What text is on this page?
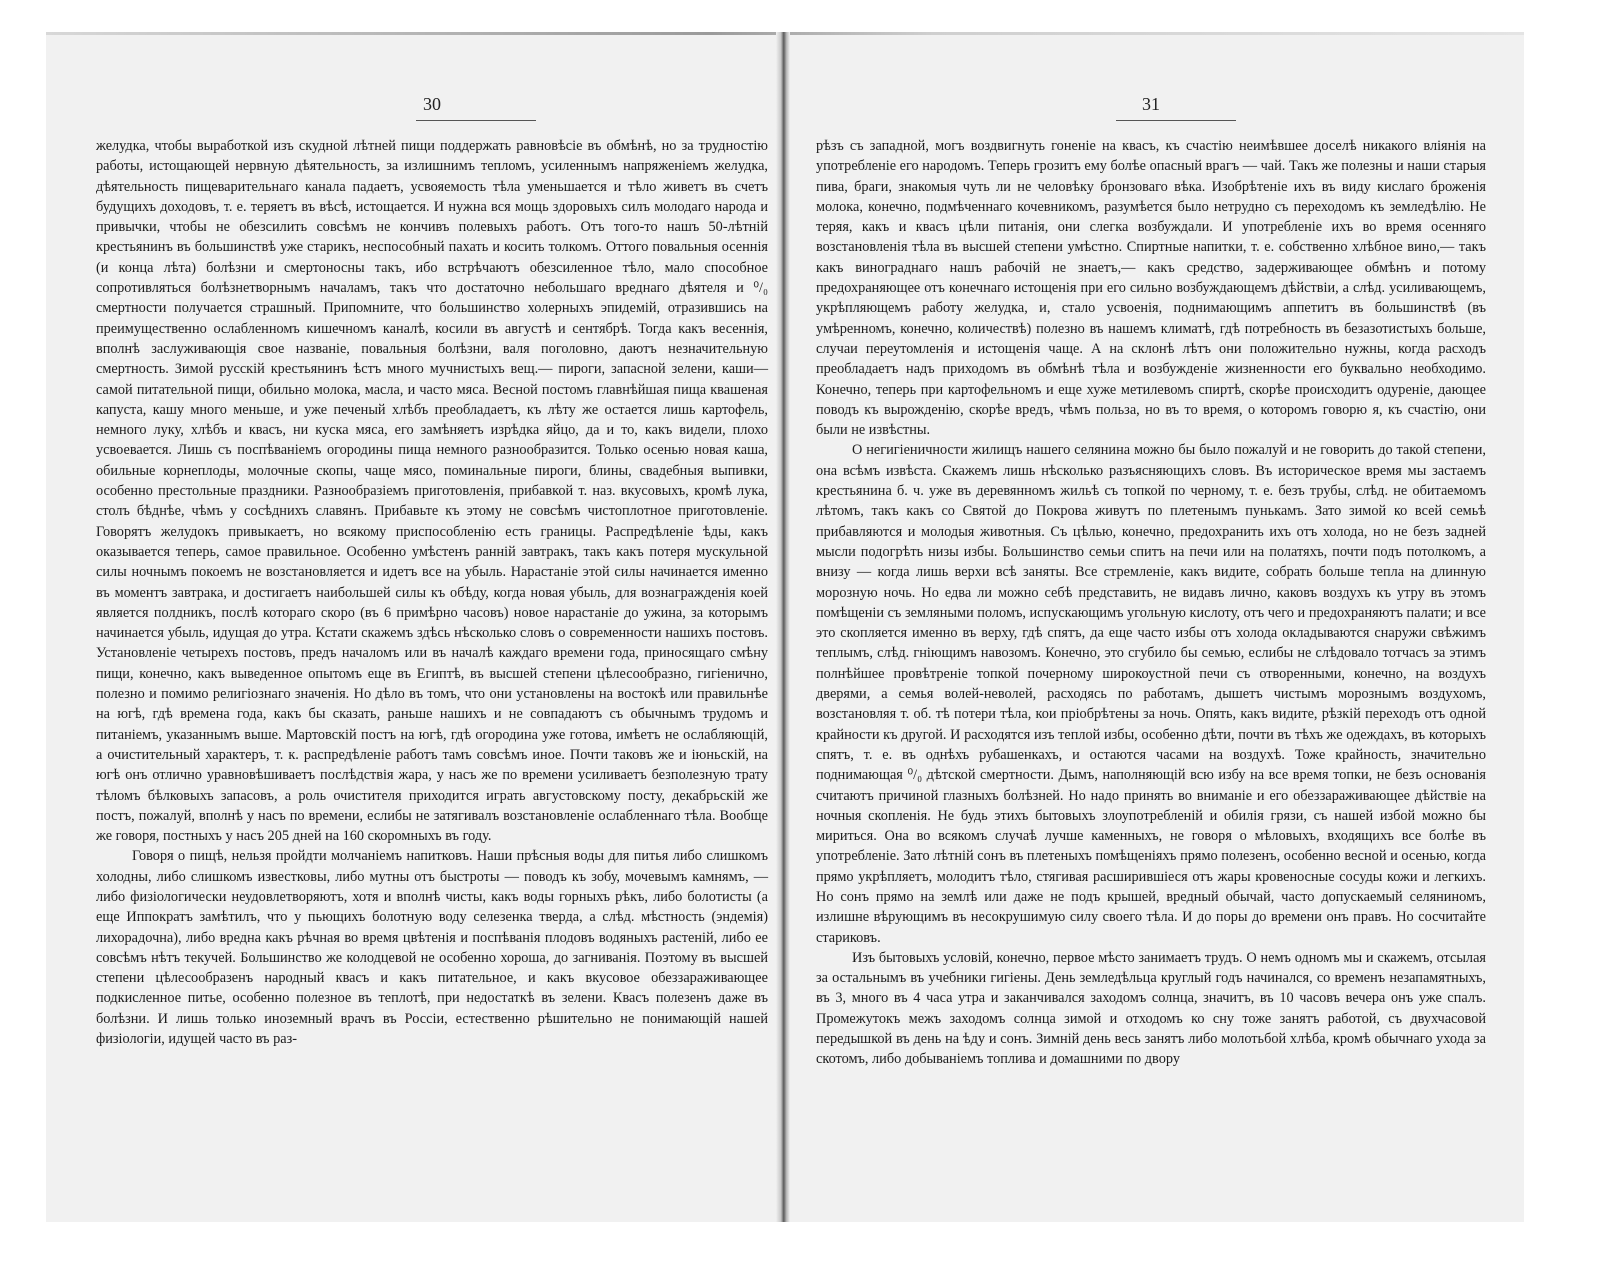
30

желудка, чтобы выработкой изъ скудной лѣтней пищи поддержать равновѣсіе въ обмѣнѣ, но за трудностію работы, истощающей нервную дѣятельность, за излишнимъ тепломъ, усиленнымъ напряженіемъ желудка, дѣятельность пищеварительнаго канала падаетъ, усвояемость тѣла уменьшается и тѣло живетъ въ счетъ будущихъ доходовъ, т. е. теряетъ въ вѣсѣ, истощается. И нужна вся мощь здоровыхъ силъ молодаго народа и привычки, чтобы не обезсилить совсѣмъ не кончивъ полевыхъ работъ. Отъ того-то нашъ 50-лѣтній крестьянинъ въ большинствѣ уже старикъ, неспособный пахать и косить толкомъ. Оттого повальныя осеннія (и конца лѣта) болѣзни и смертоносны такъ, ибо встрѣчаютъ обезсиленное тѣло, мало способное сопротивляться болѣзнетворнымъ началамъ, такъ что достаточно небольшаго вреднаго дѣятеля и ⁰/₀ смертности получается страшный. Припомните, что большинство холерныхъ эпидемій, отразившись на преимущественно ослабленномъ кишечномъ каналѣ, косили въ августѣ и сентябрѣ. Тогда какъ весеннія, вполнѣ заслуживающія свое названіе, повальныя болѣзни, валя поголовно, даютъ незначительную смертность. Зимой русскій крестьянинъ ѣстъ много мучнистыхъ вещ.— пироги, запасной зелени, каши—самой питательной пищи, обильно молока, масла, и часто мяса. Весной постомъ главнѣйшая пища квашеная капуста, кашу много меньше, и уже печеный хлѣбъ преобладаетъ, къ лѣту же остается лишь картофель, немного луку, хлѣбъ и квасъ, ни куска мяса, его замѣняетъ изрѣдка яйцо, да и то, какъ видели, плохо усвоевается. Лишь съ поспѣваніемъ огородины пища немного разнообразится. Только осенью новая каша, обильные корнеплоды, молочные скопы, чаще мясо, поминальные пироги, блины, свадебныя выпивки, особенно престольные праздники. Разнообразіемъ приготовленія, прибавкой т. наз. вкусовыхъ, кромѣ лука, столъ бѣднѣе, чѣмъ у сосѣднихъ славянъ. Прибавьте къ этому не совсѣмъ чистоплотное приготовленіе. Говорятъ желудокъ привыкаетъ, но всякому приспособленію есть границы. Распредѣленіе ѣды, какъ оказывается теперь, самое правильное. Особенно умѣстенъ ранній завтракъ, такъ какъ потеря мускульной силы ночнымъ покоемъ не возстановляется и идетъ все на убыль. Нарастаніе этой силы начинается именно въ моментъ завтрака, и достигаетъ наибольшей силы къ обѣду, когда новая убыль, для вознагражденія коей является полдникъ, послѣ котораго скоро (въ 6 примѣрно часовъ) новое нарастаніе до ужина, за которымъ начинается убыль, идущая до утра. Кстати скажемъ здѣсь нѣсколько словъ о современности нашихъ постовъ. Установленіе четырехъ постовъ, предъ началомъ или въ началѣ каждаго времени года, приносящаго смѣну пищи, конечно, какъ выведенное опытомъ еще въ Египтѣ, въ высшей степени цѣлесообразно, гигіенично, полезно и помимо религіознаго значенія. Но дѣло въ томъ, что они установлены на востокѣ или правильнѣе на югѣ, гдѣ времена года, какъ бы сказать, раньше нашихъ и не совпадаютъ съ обычнымъ трудомъ и питаніемъ, указаннымъ выше. Мартовскій постъ на югѣ, гдѣ огородина уже готова, имѣетъ не ослабляющій, а очистительный характеръ, т. к. распредѣленіе работъ тамъ совсѣмъ иное. Почти таковъ же и іюньскій, на югѣ онъ отлично уравновѣшиваетъ послѣдствія жара, у насъ же по времени усиливаетъ безполезную трату тѣломъ бѣлковыхъ запасовъ, а роль очистителя приходится играть августовскому посту, декабрьскій же постъ, пожалуй, вполнѣ у насъ по времени, еслибы не затягивалъ возстановленіе ослабленнаго тѣла. Вообще же говоря, постныхъ у насъ 205 дней на 160 скоромныхъ въ году.

Говоря о пищѣ, нельзя пройдти молчаніемъ напитковъ. Наши прѣсныя воды для питья либо слишкомъ холодны, либо слишкомъ известковы, либо мутны отъ быстроты — поводъ къ зобу, мочевымъ камнямъ, — либо физіологически неудовлетворяютъ, хотя и вполнѣ чисты, какъ воды горныхъ рѣкъ, либо болотисты (а еще Иппократъ замѣтилъ, что у пьющихъ болотную воду селезенка тверда, а слѣд. мѣстность (эндемія) лихорадочна), либо вредна какъ рѣчная во время цвѣтенія и поспѣванія плодовъ водяныхъ растеній, либо ее совсѣмъ нѣтъ текучей. Большинство же колодцевой не особенно хороша, до загниванія. Поэтому въ высшей степени цѣлесообразенъ народный квасъ и какъ питательное, и какъ вкусовое обеззараживающее подкисленное питье, особенно полезное въ теплотѣ, при недостаткѣ въ зелени. Квасъ полезенъ даже въ болѣзни. И лишь только иноземный врачъ въ Россіи, естественно рѣшительно не понимающій нашей физіологіи, идущей часто въ раз-

31

рѣзъ съ западной, могъ воздвигнуть гоненіе на квасъ, къ счастію неимѣвшее доселѣ никакого вліянія на употребленіе его народомъ. Теперь грозитъ ему болѣе опасный врагъ — чай. Такъ же полезны и наши старыя пива, браги, знакомыя чуть ли не человѣку бронзоваго вѣка. Изобрѣтеніе ихъ въ виду кислаго броженія молока, конечно, подмѣченнаго кочевникомъ, разумѣется было нетрудно съ переходомъ къ земледѣлію. Не теряя, какъ и квасъ цѣли питанія, они слегка возбуждали. И употребленіе ихъ во время осенняго возстановленія тѣла въ высшей степени умѣстно. Спиртные напитки, т. е. собственно хлѣбное вино,— такъ какъ винограднаго нашъ рабочій не знаетъ,— какъ средство, задерживающее обмѣнъ и потому предохраняющее отъ конечнаго истощенія при его сильно возбуждающемъ дѣйствіи, а слѣд. усиливающемъ, укрѣпляющемъ работу желудка, и, стало усвоенія, поднимающимъ аппетитъ въ большинствѣ (въ умѣренномъ, конечно, количествѣ) полезно въ нашемъ климатѣ, гдѣ потребность въ безазотистыхъ больше, случаи переутомленія и истощенія чаще. А на склонѣ лѣтъ они положительно нужны, когда расходъ преобладаетъ надъ приходомъ въ обмѣнѣ тѣла и возбужденіе жизненности его буквально необходимо. Конечно, теперь при картофельномъ и еще хуже метилевомъ спиртѣ, скорѣе происходитъ одуреніе, дающее поводъ къ вырожденію, скорѣе вредъ, чѣмъ польза, но въ то время, о которомъ говорю я, къ счастію, они были не извѣстны.

О негигіеничности жилищъ нашего селянина можно бы было пожалуй и не говорить до такой степени, она всѣмъ извѣста. Скажемъ лишь нѣсколько разъясняющихъ словъ. Въ историческое время мы застаемъ крестьянина б. ч. уже въ деревянномъ жильѣ съ топкой по черному, т. е. безъ трубы, слѣд. не обитаемомъ лѣтомъ, такъ какъ со Святой до Покрова живутъ по плетенымъ пунькамъ. Зато зимой ко всей семьѣ прибавляются и молодыя животныя. Съ цѣлью, конечно, предохранить ихъ отъ холода, но не безъ задней мысли подогрѣть низы избы. Большинство семьи спитъ на печи или на полатяхъ, почти подъ потолкомъ, а внизу — когда лишь верхи всѣ заняты. Все стремленіе, какъ видите, собрать больше тепла на длинную морозную ночь. Но едва ли можно себѣ представить, не видавъ лично, каковъ воздухъ къ утру въ этомъ помѣщеніи съ земляными поломъ, испускающимъ угольную кислоту, отъ чего и предохраняютъ палати; и все это скопляется именно въ верху, гдѣ спятъ, да еще часто избы отъ холода окладываются снаружи свѣжимъ теплымъ, слѣд. гніющимъ навозомъ. Конечно, это сгубило бы семью, еслибы не слѣдовало тотчасъ за этимъ полнѣйшее провѣтреніе топкой почерному широкоустной печи съ отворенными, конечно, на воздухъ дверями, а семья волей-неволей, расходясь по работамъ, дышетъ чистымъ морознымъ воздухомъ, возстановляя т. об. тѣ потери тѣла, кои пріобрѣтены за ночь. Опять, какъ видите, рѣзкій переходъ отъ одной крайности къ другой. И расходятся изъ теплой избы, особенно дѣти, почти въ тѣхъ же одеждахъ, въ которыхъ спятъ, т. е. въ однѣхъ рубашенкахъ, и остаются часами на воздухѣ. Тоже крайность, значительно поднимающая ⁰/₀ дѣтской смертности. Дымъ, наполняющій всю избу на все время топки, не безъ основанія считаютъ причиной глазныхъ болѣзней. Но надо принять во вниманіе и его обеззараживающее дѣйствіе на ночныя скопленія. Не будь этихъ бытовыхъ злоупотребленій и обилія грязи, съ нашей избой можно бы мириться. Она во всякомъ случаѣ лучше каменныхъ, не говоря о мѣловыхъ, входящихъ все болѣе въ употребленіе. Зато лѣтній сонъ въ плетеныхъ помѣщеніяхъ прямо полезенъ, особенно весной и осенью, когда прямо укрѣпляетъ, молодитъ тѣло, стягивая расширившіеся отъ жары кровеносные сосуды кожи и легкихъ. Но сонъ прямо на землѣ или даже не подъ крышей, вредный обычай, часто допускаемый селяниномъ, излишне вѣрующимъ въ несокрушимую силу своего тѣла. И до поры до времени онъ правъ. Но сосчитайте стариковъ.

Изъ бытовыхъ условій, конечно, первое мѣсто занимаетъ трудъ. О немъ одномъ мы и скажемъ, отсылая за остальнымъ въ учебники гигіены. День земледѣльца круглый годъ начинался, со временъ незапамятныхъ, въ 3, много въ 4 часа утра и заканчивался заходомъ солнца, значитъ, въ 10 часовъ вечера онъ уже спалъ. Промежутокъ межъ заходомъ солнца зимой и отходомъ ко сну тоже занятъ работой, съ двухчасовой передышкой въ день на ѣду и сонъ. Зимній день весь занятъ либо молотьбой хлѣба, кромѣ обычнаго ухода за скотомъ, либо добываніемъ топлива и домашними по двору
